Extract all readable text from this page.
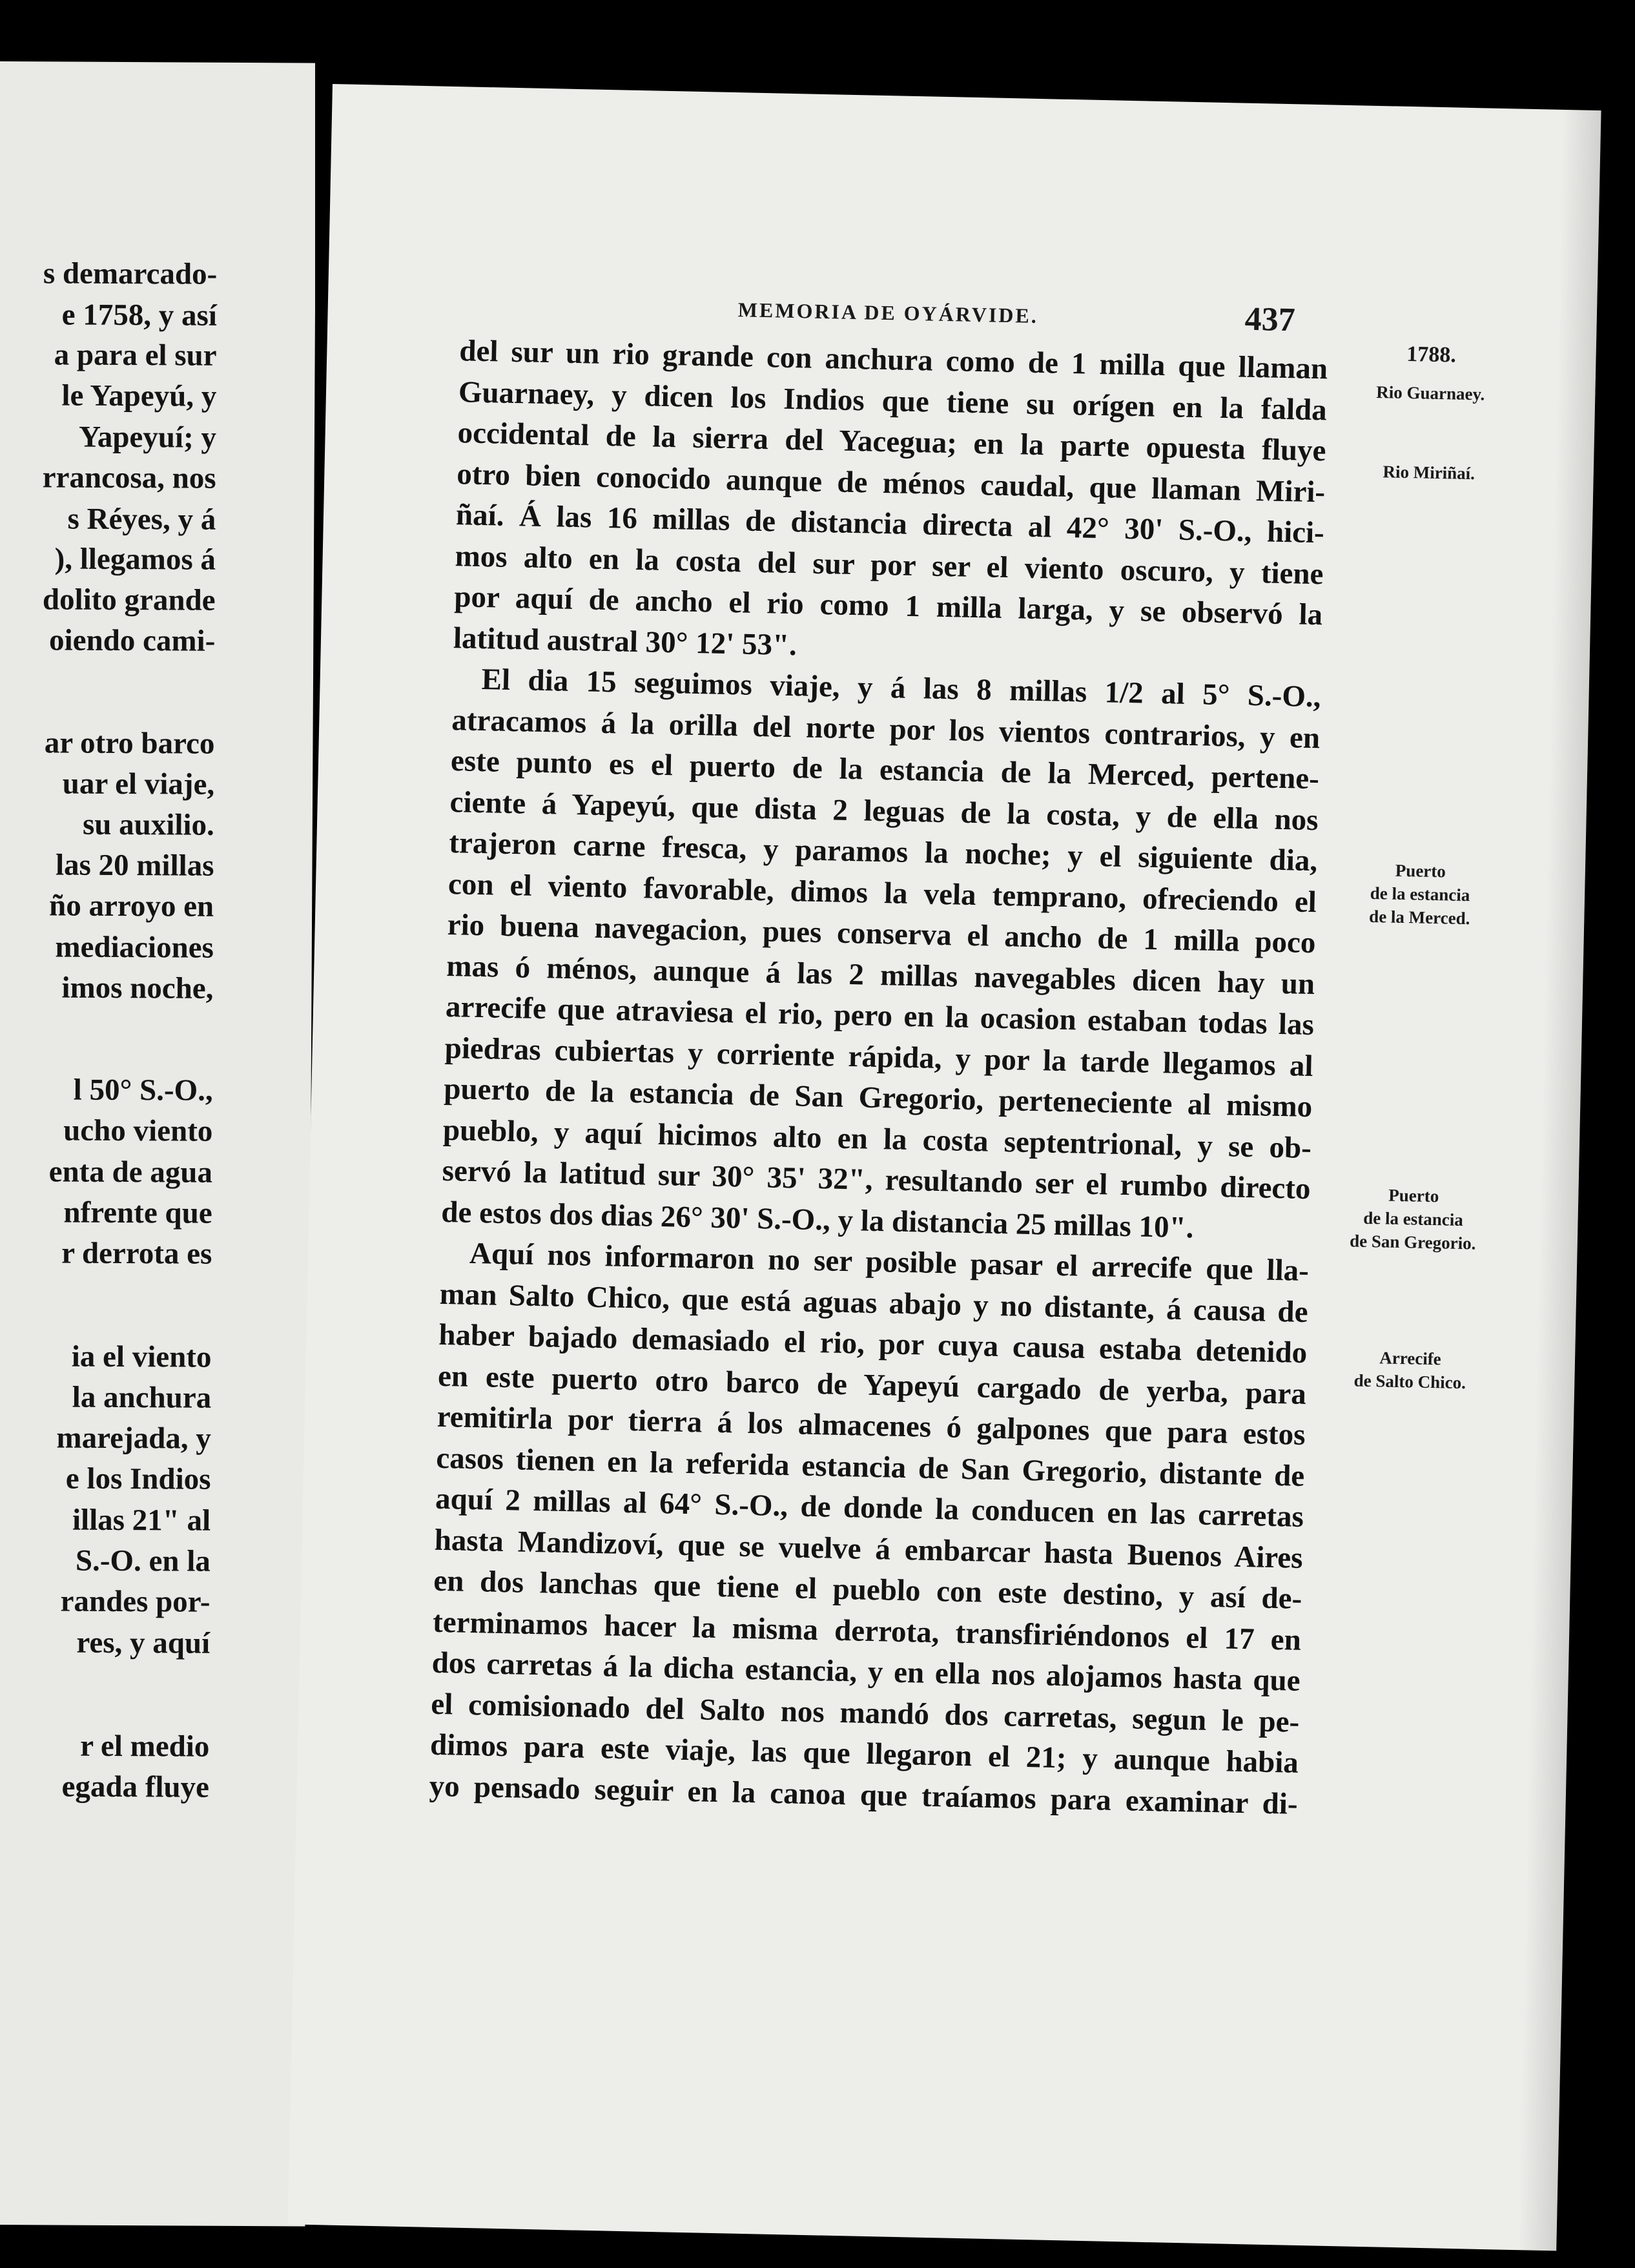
s demarcado-
e 1758, y así
a para el sur
le Yapeyú, y
Yapeyuí; y
rrancosa, nos
s Réyes, y á
), llegamos á
dolito grande
oiendo cami-
ar otro barco
uar el viaje,
su auxilio.
las 20 millas
ño arroyo en
mediaciones
imos noche,
l 50° S.-O.,
ucho viento
enta de agua
nfrente que
r derrota es
ia el viento
la anchura
marejada, y
e los Indios
illas 21" al
S.-O. en la
randes por-
res, y aquí
r el medio
egada fluye
MEMORIA DE OYÁRVIDE.	437
del sur un rio grande con anchura como de 1 milla que llaman
Guarnaey, y dicen los Indios que tiene su orígen en la falda
occidental de la sierra del Yacegua; en la parte opuesta fluye
otro bien conocido aunque de ménos caudal, que llaman Miri-
ñaí. Á las 16 millas de distancia directa al 42° 30' S.-O., hici-
mos alto en la costa del sur por ser el viento oscuro, y tiene
por aquí de ancho el rio como 1 milla larga, y se observó la
latitud austral 30° 12' 53".
El dia 15 seguimos viaje, y á las 8 millas 1/2 al 5° S.-O.,
atracamos á la orilla del norte por los vientos contrarios, y en
este punto es el puerto de la estancia de la Merced, pertene-
ciente á Yapeyú, que dista 2 leguas de la costa, y de ella nos
trajeron carne fresca, y paramos la noche; y el siguiente dia,
con el viento favorable, dimos la vela temprano, ofreciendo el
rio buena navegacion, pues conserva el ancho de 1 milla poco
mas ó ménos, aunque á las 2 millas navegables dicen hay un
arrecife que atraviesa el rio, pero en la ocasion estaban todas las
piedras cubiertas y corriente rápida, y por la tarde llegamos al
puerto de la estancia de San Gregorio, perteneciente al mismo
pueblo, y aquí hicimos alto en la costa septentrional, y se ob-
servó la latitud sur 30° 35' 32", resultando ser el rumbo directo
de estos dos dias 26° 30' S.-O., y la distancia 25 millas 10".
Aquí nos informaron no ser posible pasar el arrecife que lla-
man Salto Chico, que está aguas abajo y no distante, á causa de
haber bajado demasiado el rio, por cuya causa estaba detenido
en este puerto otro barco de Yapeyú cargado de yerba, para
remitirla por tierra á los almacenes ó galpones que para estos
casos tienen en la referida estancia de San Gregorio, distante de
aquí 2 millas al 64° S.-O., de donde la conducen en las carretas
hasta Mandizoví, que se vuelve á embarcar hasta Buenos Aires
en dos lanchas que tiene el pueblo con este destino, y así de-
terminamos hacer la misma derrota, transfiriéndonos el 17 en
dos carretas á la dicha estancia, y en ella nos alojamos hasta que
el comisionado del Salto nos mandó dos carretas, segun le pe-
dimos para este viaje, las que llegaron el 21; y aunque habia
yo pensado seguir en la canoa que traíamos para examinar di-
1788.
Rio Guarnaey.
Rio Miriñaí.
Puerto
de la estancia
de la Merced.
Puerto
de la estancia
de San Gregorio.
Arrecife
de Salto Chico.
